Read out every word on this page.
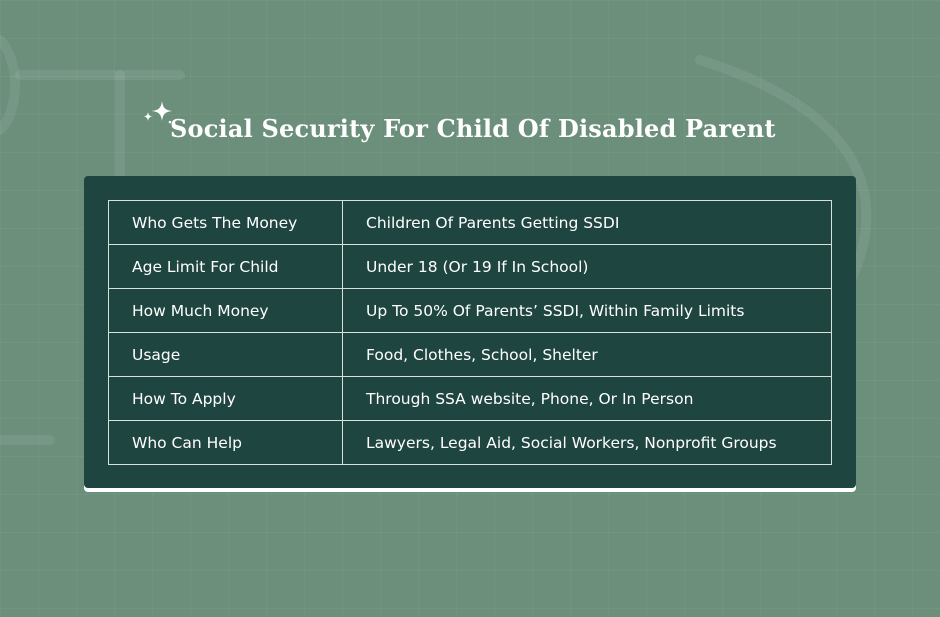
Social Security For Child Of Disabled Parent
Who Gets The Money	Children Of Parents Getting SSDI
Age Limit For Child	Under 18 (Or 19 If In School)
How Much Money	Up To 50% Of Parents’ SSDI, Within Family Limits
Usage	Food, Clothes, School, Shelter
How To Apply	Through SSA website, Phone, Or In Person
Who Can Help	Lawyers, Legal Aid, Social Workers, Nonprofit Groups
